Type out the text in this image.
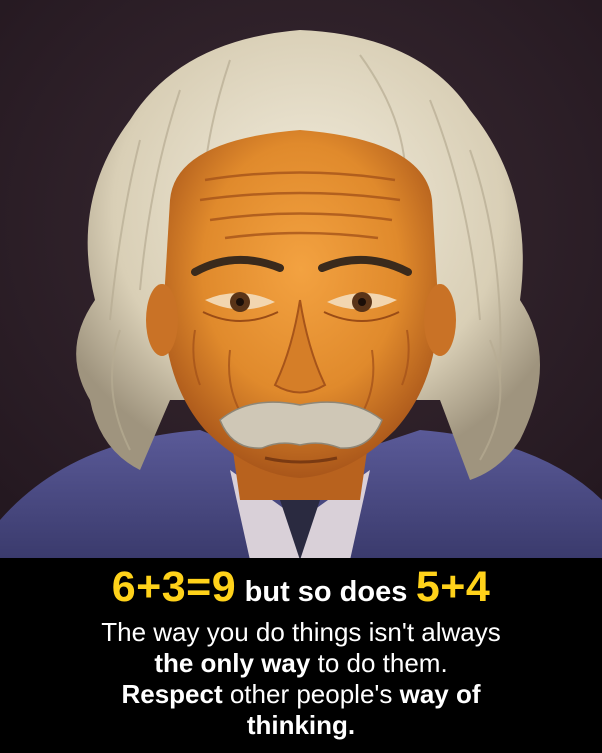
6+3=9 but so does 5+4
The way you do things isn't always
the only way to do them.
Respect other people's way of
thinking.
